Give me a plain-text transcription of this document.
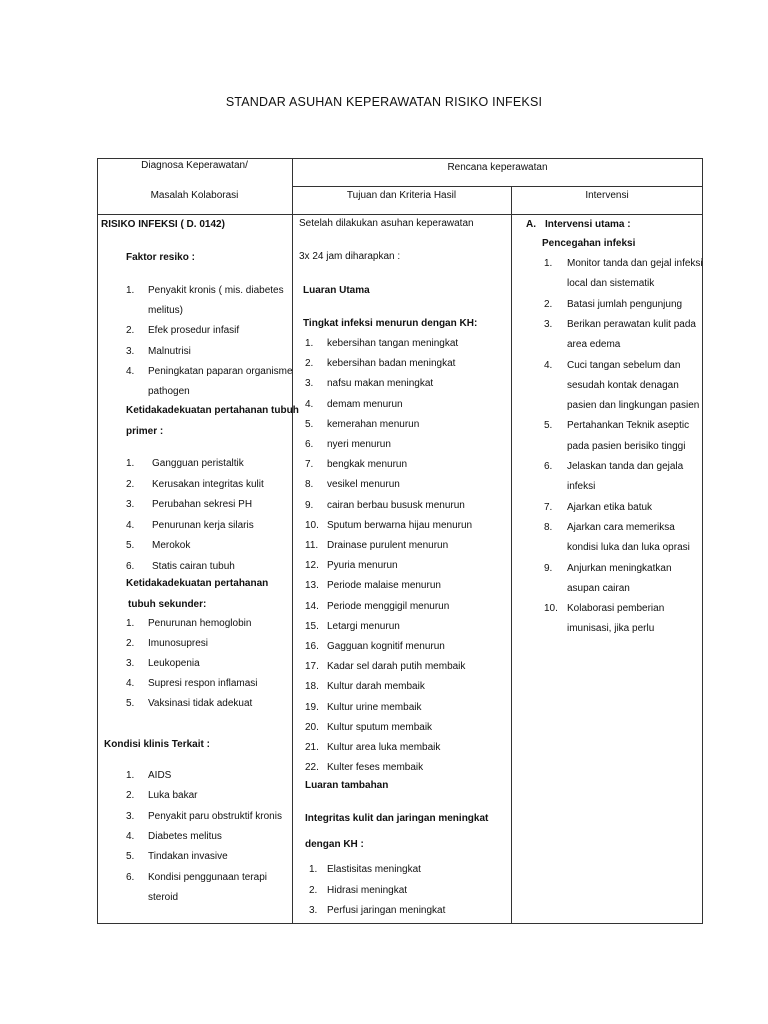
STANDAR ASUHAN KEPERAWATAN RISIKO INFEKSI
Diagnosa Keperawatan/
Masalah Kolaborasi
Rencana keperawatan
Tujuan dan Kriteria Hasil	Intervensi
RISIKO INFEKSI ( D. 0142)
Faktor resiko :
1. Penyakit kronis ( mis. diabetes
melitus)
2. Efek prosedur infasif
3. Malnutrisi
4. Peningkatan paparan organisme
pathogen
Ketidakadekuatan pertahanan tubuh
primer :
1. Gangguan peristaltik
2. Kerusakan integritas kulit
3. Perubahan sekresi PH
4. Penurunan kerja silaris
5. Merokok
6. Statis cairan tubuh
Ketidakadekuatan pertahanan
tubuh sekunder:
1. Penurunan hemoglobin
2. Imunosupresi
3. Leukopenia
4. Supresi respon inflamasi
5. Vaksinasi tidak adekuat
Kondisi klinis Terkait :
1. AIDS
2. Luka bakar
3. Penyakit paru obstruktif kronis
4. Diabetes melitus
5. Tindakan invasive
6. Kondisi penggunaan terapi
steroid
Setelah dilakukan asuhan keperawatan
3x 24 jam diharapkan :
Luaran Utama
Tingkat infeksi menurun dengan KH:
1. kebersihan tangan meningkat
2. kebersihan badan meningkat
3. nafsu makan meningkat
4. demam menurun
5. kemerahan menurun
6. nyeri menurun
7. bengkak menurun
8. vesikel menurun
9. cairan berbau bususk menurun
10. Sputum berwarna hijau menurun
11. Drainase purulent menurun
12. Pyuria menurun
13. Periode malaise menurun
14. Periode menggigil menurun
15. Letargi menurun
16. Gagguan kognitif menurun
17. Kadar sel darah putih membaik
18. Kultur darah membaik
19. Kultur urine membaik
20. Kultur sputum membaik
21. Kultur area luka membaik
22. Kulter feses membaik
Luaran tambahan
Integritas kulit dan jaringan meningkat
dengan KH :
1. Elastisitas meningkat
2. Hidrasi meningkat
3. Perfusi jaringan meningkat
A. Intervensi utama :
Pencegahan infeksi
1. Monitor tanda dan gejal infeksi
local dan sistematik
2. Batasi jumlah pengunjung
3. Berikan perawatan kulit pada
area edema
4. Cuci tangan sebelum dan
sesudah kontak denagan
pasien dan lingkungan pasien
5. Pertahankan Teknik aseptic
pada pasien berisiko tinggi
6. Jelaskan tanda dan gejala
infeksi
7. Ajarkan etika batuk
8. Ajarkan cara memeriksa
kondisi luka dan luka oprasi
9. Anjurkan meningkatkan
asupan cairan
10. Kolaborasi pemberian
imunisasi, jika perlu
